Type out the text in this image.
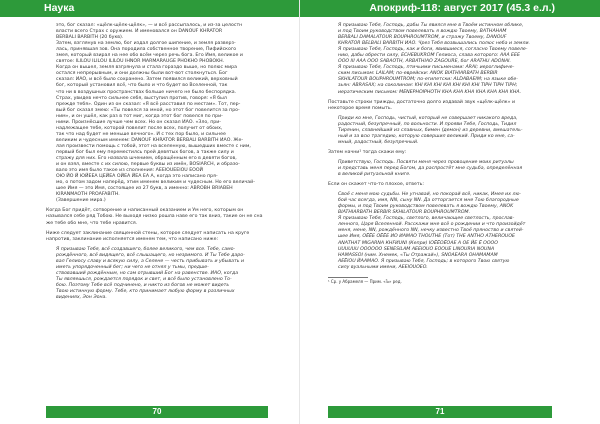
Наука
это, бог сказал: «щёлк-щёлк-щёлк», — и всё рассыпалось, и из-за целостн
власти всего Страх с оружием. И именовался он DANOUF KHRATOR
BERBALI BARBITH (20 букв).
Затем, взглянув на землю, бог издал долгое шипение, и земля разверз-
лась, принявшая зов. Она породила собственное творение, Пифийского
змея, который взирал на нее обо всём через речь бога. Его Имя, великое и
святое: ILILOU ILILOU ILILOU IHNOR MARMARAUGE PHOKHO PHOBOKH.
Когда он вышел, земля взгрянула и стала гораздо выше, но полюс мира
остался непрерывным, и они должны были вот-вот столкнуться. Бог
сказал: ИАО, и всё было сохранено. Затем появился великий, верховный
бог, который установил всё, что было и что будет во Вселенной, так
что ни в воздушных пространствах больше ничего не было беспорядка.
Страх, увидев нечто сильнее себя, выступил против, говоря: «Я был
прежде тебя». Один из он сказал: «Я всё расставил по местам». Тот, пер-
вый бог сказал змею: «Ты повелся за мной, но этот бог повелится за про-
ним», и он ушёл, как раз в тот миг, когда этот бог повелся по при-
ними. Произнёсшие лучше чем всех. Но он сказал ИАО. «Зло, при-
надлежащее тебе, которой повелит после всех, получит от обоих,
так что над будет не меньше вечного». И с тех пор было, и сильнее
великим и чудесным именем: DANOUF KHRATOR BERBALI BARBITH ИАО. Же-
лая произвести помощь с тобой, этот на вселенную, вышедших вместе с ним,
первый бог был ему переместилсь прей девятых богов, а также силу и
стражу для них. Его назвала шчением, обращённым его в девяти богов,
и он взял, вместе с их силою, первые буквы из имён, BOSIARCH, и образо-
вало это имя было такое из сполнения: AEEIOUEEIOU ЕООЙ
ОЮ ЙО Й ЮЙЕЕА ЦЕЙЕА ОЙЕА ЙЕА ЕА А, когда это написано пря-
мо, о потом задом наперёд, этим именем великим и чудесным. Но его величай-
шее Имя — это Имя, состоящее из 27 букв, а именно: ABROBH BRIABEH
KIRANMAOTH PROAFABITH.
(Завершение мира.)
Когда Бог придёт, сотворение и написанный оказанием и Ум него, которым он
назывался себе ряд Тобою. Не выходя низко рошла наве его так вниз, такие он не сна
же тебе обо мне, что тебе нравится.
Ниже следует заклинание священной стены, которое следует написать на круге
напротив, заклинание исполняется именем тем, что написано ниже:
Я призываю Тебя, всё создавшего, более великого, чем все. Тебе, само-
рождённого, всё видящего, всё слышащего, но незримого. И Ты Тебе даро-
вал Гелиосу славу и всякую силу, а Селене — честь прибывать и убывать и
иметь упорядоченный бег; ни чего не отнял у тьмы, предше-
ствовавший рождённым, но сам отрывший Бог на равенстве. ИАО, когда
Ты являешься, рождается порядок и свет, и всё было установлено То-
бою. Поэтому Тебе всё подчинено, и никто из богов не может видеть
Твою истинную форму. Тебе, кто принимает любую форму в различных
видениях, Эон Эона.
70
Апокриф-118: август 2017 (45.3 е.л.)
Я призываю Тебя, Господь, дабы Ты явился мне в Твоём истинном облике,
и под Твоим руководством повелевать я вождю Твоему, ВАТНАНАМ
BERBALI DAMALATOUR BOUPHROUMTROM, и стражу Твоему, DANOUF
KHRATOR BELBALI BARBITH ИАО. Чрез Тебя возвышались полюс неба и земли.
Я призываю Тебя, Господь, как и боги, явившиеся, согласно Твоему повеле-
нию, дабы обрести силу, ECHEBUKROM Гелиоса, слава которого: AAA ЕЕЕ
ООО III AAA ООО SABAOTH, ARBATHIAO ZAGOURE, бог ARATHU ADONAI.
Я призываю Тебя, Господь, птичьими письменами: ARAI; иероглифиче-
ским письмом: LAILAM; по-еврейски: ANOK BIATHIARBATH BERBIR
SKHILATOUR BOUPHROUMTROM; по-египетски: ALDABAEIM; на языке обе-
зьян: ABRASAX; на соколином: KHI KHI KHI KHI KHI KHI KHI TIPH TIPH TIPH;
иератическим письмом: MENEPHOIPHOTH KHA KHA KHA KHA KHA KHA KHA.
Поставьте строки трижды, достаточно долго издавай звук «щёлк-щёлк» и
некоторое время помыть.
Приди ко мне, Господь, чистый, который не совершает никакого вреда,
радостный, безупречный, по вольности. И прояви Тебе, Господь, Тидил
Тирянин, славнейший из славных, бимен (демон) из деревни, вмешатель-
ный и за всю трагедию, которую совершил великий. Приди ко мне, са-
мный, радостный, безупречный.
Затем начни¹ тогда скажи ему:
Приветствую, Господь. Посвяти меня через провоцение моих ритуалы
и представь меня перед Богом, да распростёт мне судьба, определённая
в великой ритуальной книге.
Если он скажет что-то плохое, ответь:
Своё с меня мою судьбы. Не угнавай, но покорай всё, никак, Имея их лю-
бой час всегда, имя, NN, сыну NN. Да отторгается мне Тою благородные
формы, и под Твоим руководством повелевать я вождю Твоему, ANOK
BIATHIARBATH BERBIR SKHILATOUR BOUPHROUMTROM.
Я призываю Тебя, Господь, светлого, величающее светлость, прослав-
ленного, Царя Вселенной. Расскажи мне всё о рождении и что произойдёт
меня, мене, NN, рождённого NN, нечку известно Твоё пряноство и святей-
шее Имя, ОЁЁЕ ОЁЁЕ ИО ИАМАО ТНОUТНЕ (Тот) ТНЕ АNTHO АТНЕRОUОЕ
АNАTНАТ МIGАRNА КНFИUNI (Кепри) IОЁЁОЁОАЕ А ОЕ ЙЕ Ё ОООО
UUUUUU ОООООО SENESILAM AEEIOUO EOOUE LINOURIA NOUNA
НАМАSSOI (ним. Хнемек, «Ты Отражай»), SNOAEARА ОНАМАМАМ
АЕЁIOU ЙААМАО. Я призываю Тебя, Господь; в которого Твою святую
силу вуальными имени, AEEIOUOEO.
¹ Ср. у Абрамеля — Прим. «Ъ» ред.
71
